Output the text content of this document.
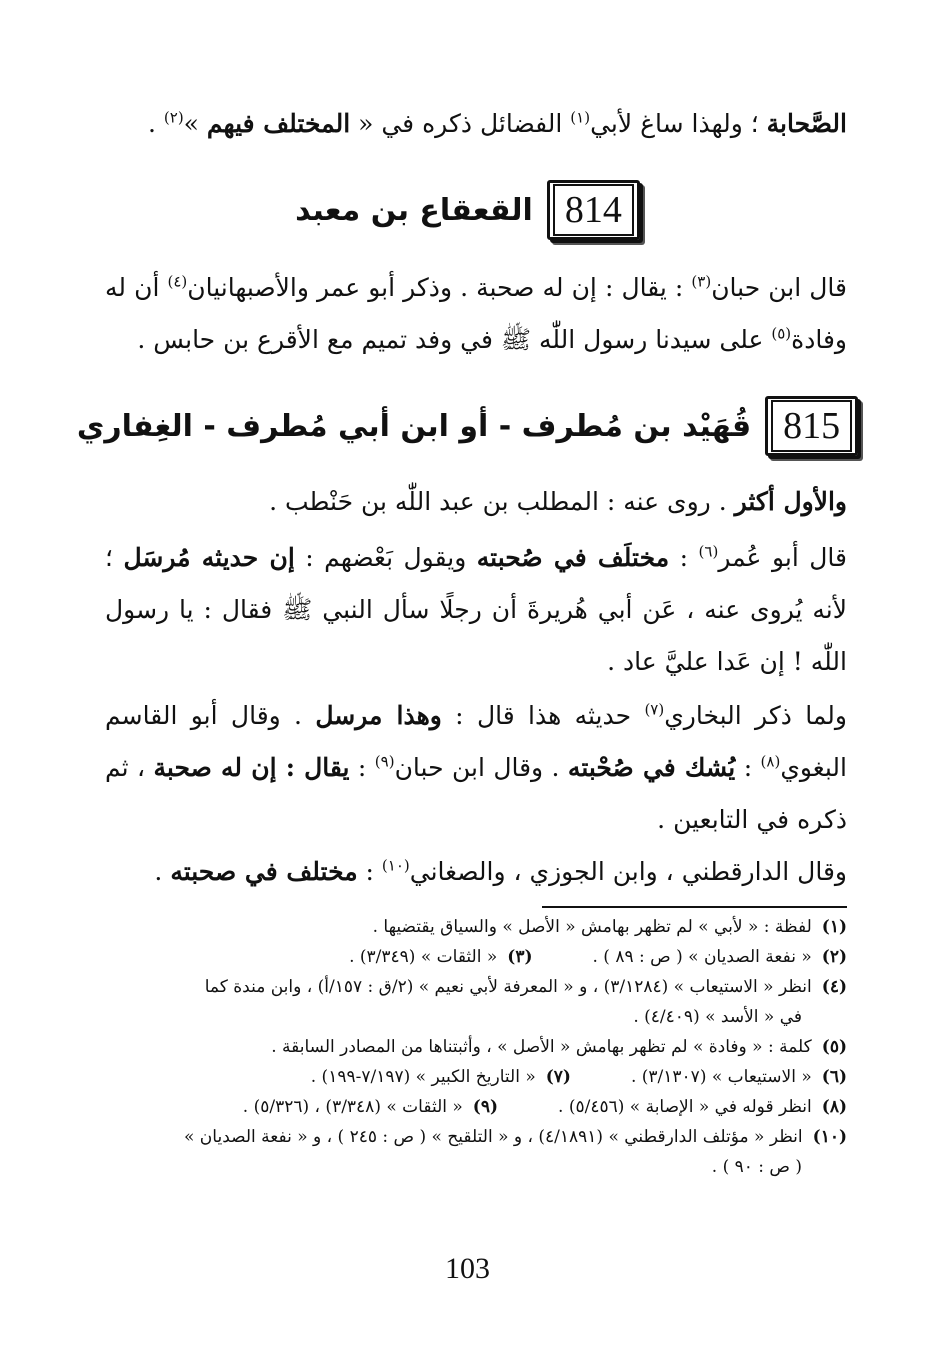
الصَّحابة ؛ ولهذا ساغ لأبي$^{(١)}$ الفضائل ذكره في « المختلف فيهم »$^{(٢)}$ .
814
القعقاع بن معبد
قال ابن حبان$^{(٣)}$ : يقال : إن له صحبة . وذكر أبو عمر والأصبهانيان$^{(٤)}$ أن له وفادة$^{(٥)}$ على سيدنا رسول اللّٰه ﷺ في وفد تميم مع الأقرع بن حابس .
815
قُهَيْد بن مُطرف - أو ابن أبي مُطرف - الغِفاري
والأول أكثر . روى عنه : المطلب بن عبد اللّٰه بن حَنْطب .
قال أبو عُمر$^{(٦)}$ : مختلَف في صُحبته ويقول بَعْضهم : إن حديثه مُرسَل ؛ لأنه يُروى عنه ، عَن أبي هُريرةَ أن رجلًا سأل النبي ﷺ فقال : يا رسول اللّٰه ! إن عَدا عليَّ عاد .
ولما ذكر البخاري$^{(٧)}$ حديثه هذا قال : وهذا مرسل . وقال أبو القاسم البغوي$^{(٨)}$ : يُشك في صُحْبته . وقال ابن حبان$^{(٩)}$ : يقال : إن له صحبة ، ثم ذكره في التابعين .
وقال الدارقطني ، وابن الجوزي ، والصغاني$^{(١٠)}$ : مختلف في صحبته .
(١)لفظة : « لأبي » لم تظهر بهامش « الأصل » والسياق يقتضيها .
(٢)« نفعة الصديان » ( ص : ٨٩ ) .
(٣)« الثقات » (٣/٣٤٩) .
(٤)انظر « الاستيعاب » (٣/١٢٨٤) ، و « المعرفة لأبي نعيم » (٢/ق : ١٥٧/أ) ، وابن مندة كما
في « الأسد » (٤/٤٠٩) .
(٥)كلمة : « وفادة » لم تظهر بهامش « الأصل » ، وأثبتناها من المصادر السابقة .
(٦)« الاستيعاب » (٣/١٣٠٧) .
(٧)« التاريخ الكبير » (٧/١٩٧-١٩٩) .
(٨)انظر قوله في « الإصابة » (٥/٤٥٦) .
(٩)« الثقات » (٣/٣٤٨) ، (٥/٣٢٦) .
(١٠)انظر « مؤتلف الدارقطني » (٤/١٨٩١) ، و « التلقيح » ( ص : ٢٤٥ ) ، و « نفعة الصديان »
( ص : ٩٠ ) .
103
